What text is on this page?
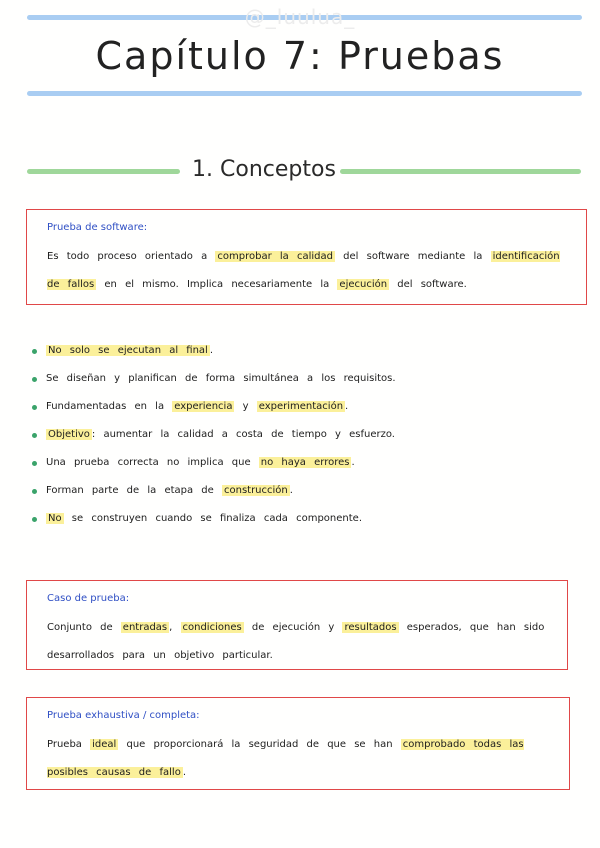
@_luulua_
Capítulo 7: Pruebas
1. Conceptos
Prueba de software:
Es todo proceso orientado a comprobar la calidad del software mediante la identificación de fallos en el mismo. Implica necesariamente la ejecución del software.
No solo se ejecutan al final .
Se diseñan y planifican de forma simultánea a los requisitos.
Fundamentadas en la experiencia y experimentación .
Objetivo : aumentar la calidad a costa de tiempo y esfuerzo.
Una prueba correcta no implica que no haya errores .
Forman parte de la etapa de construcción .
No se construyen cuando se finaliza cada componente.
Caso de prueba:
Conjunto de entradas , condiciones de ejecución y resultados esperados, que han sido desarrollados para un objetivo particular.
Prueba exhaustiva / completa:
Prueba ideal que proporcionará la seguridad de que se han comprobado todas las posibles causas de fallo .
